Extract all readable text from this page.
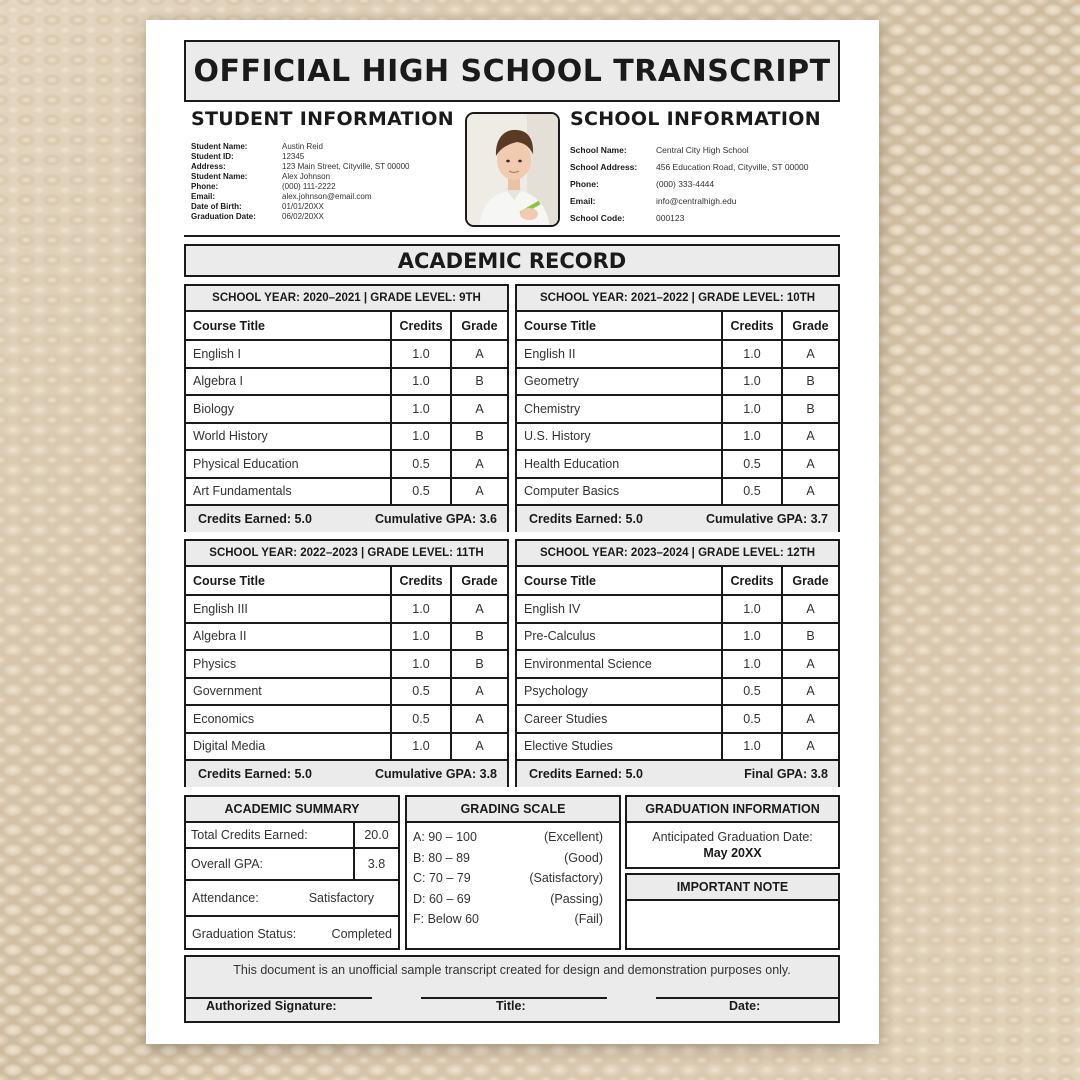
OFFICIAL HIGH SCHOOL TRANSCRIPT
STUDENT INFORMATION
Student Name:	Austin Reid
Student ID:	12345
Address:	123 Main Street, Cityville, ST 00000
Student Name:	Alex Johnson
Phone:	(000) 111-2222
Email:	alex.johnson@email.com
Date of Birth:	01/01/20XX
Graduation Date:	06/02/20XX
SCHOOL INFORMATION
School Name:	Central City High School
School Address:	456 Education Road, Cityville, ST 00000
Phone:	(000) 333-4444
Email:	info@centralhigh.edu
School Code:	000123
ACADEMIC RECORD
SCHOOL YEAR: 2020–2021 | GRADE LEVEL: 9TH
Course Title	Credits	Grade
English I	1.0	A
Algebra I	1.0	B
Biology	1.0	A
World History	1.0	B
Physical Education	0.5	A
Art Fundamentals	0.5	A
Credits Earned: 5.0	Cumulative GPA: 3.6
SCHOOL YEAR: 2021–2022 | GRADE LEVEL: 10TH
Course Title	Credits	Grade
English II	1.0	A
Geometry	1.0	B
Chemistry	1.0	B
U.S. History	1.0	A
Health Education	0.5	A
Computer Basics	0.5	A
Credits Earned: 5.0	Cumulative GPA: 3.7
SCHOOL YEAR: 2022–2023 | GRADE LEVEL: 11TH
Course Title	Credits	Grade
English III	1.0	A
Algebra II	1.0	B
Physics	1.0	B
Government	0.5	A
Economics	0.5	A
Digital Media	1.0	A
Credits Earned: 5.0	Cumulative GPA: 3.8
SCHOOL YEAR: 2023–2024 | GRADE LEVEL: 12TH
Course Title	Credits	Grade
English IV	1.0	A
Pre-Calculus	1.0	B
Environmental Science	1.0	A
Psychology	0.5	A
Career Studies	0.5	A
Elective Studies	1.0	A
Credits Earned: 5.0	Final GPA: 3.8
ACADEMIC SUMMARY
Total Credits Earned:	20.0
Overall GPA:	3.8
Attendance:	Satisfactory
Graduation Status:	Completed
GRADING SCALE
A: 90 – 100	(Excellent)
B: 80 – 89	(Good)
C: 70 – 79	(Satisfactory)
D: 60 – 69	(Passing)
F: Below 60	(Fail)
GRADUATION INFORMATION
Anticipated Graduation Date:
May 20XX
IMPORTANT NOTE
This document is an unofficial sample transcript created for design and demonstration purposes only.
Authorized Signature:	Title:	Date:
